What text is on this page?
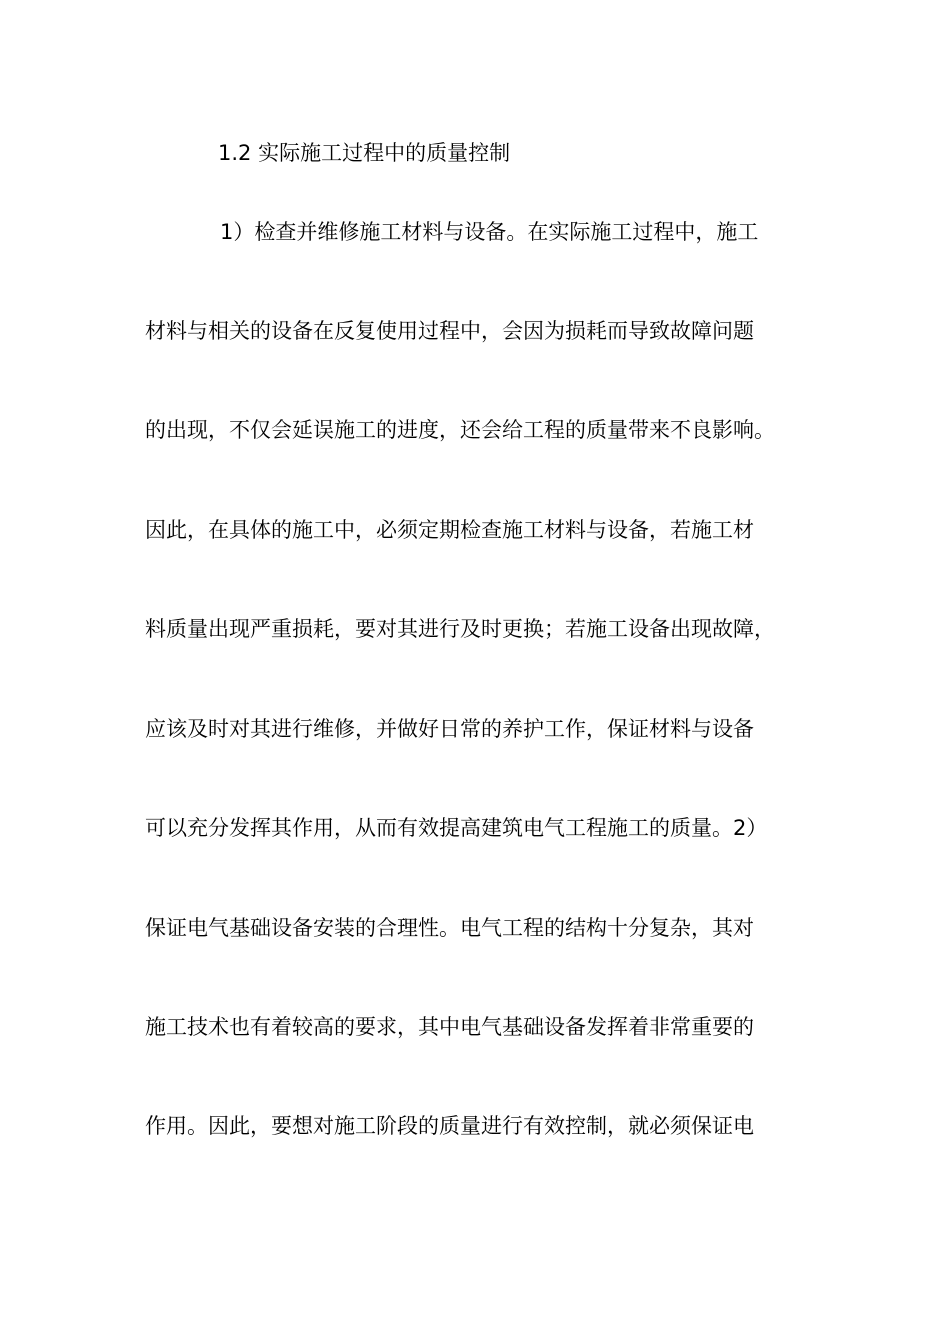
1.2 实际施工过程中的质量控制
1）检查并维修施工材料与设备。在实际施工过程中，施工
材料与相关的设备在反复使用过程中，会因为损耗而导致故障问题
的出现，不仅会延误施工的进度，还会给工程的质量带来不良影响。
因此，在具体的施工中，必须定期检查施工材料与设备，若施工材
料质量出现严重损耗，要对其进行及时更换；若施工设备出现故障，
应该及时对其进行维修，并做好日常的养护工作，保证材料与设备
可以充分发挥其作用，从而有效提高建筑电气工程施工的质量。2）
保证电气基础设备安装的合理性。电气工程的结构十分复杂，其对
施工技术也有着较高的要求，其中电气基础设备发挥着非常重要的
作用。因此，要想对施工阶段的质量进行有效控制，就必须保证电
